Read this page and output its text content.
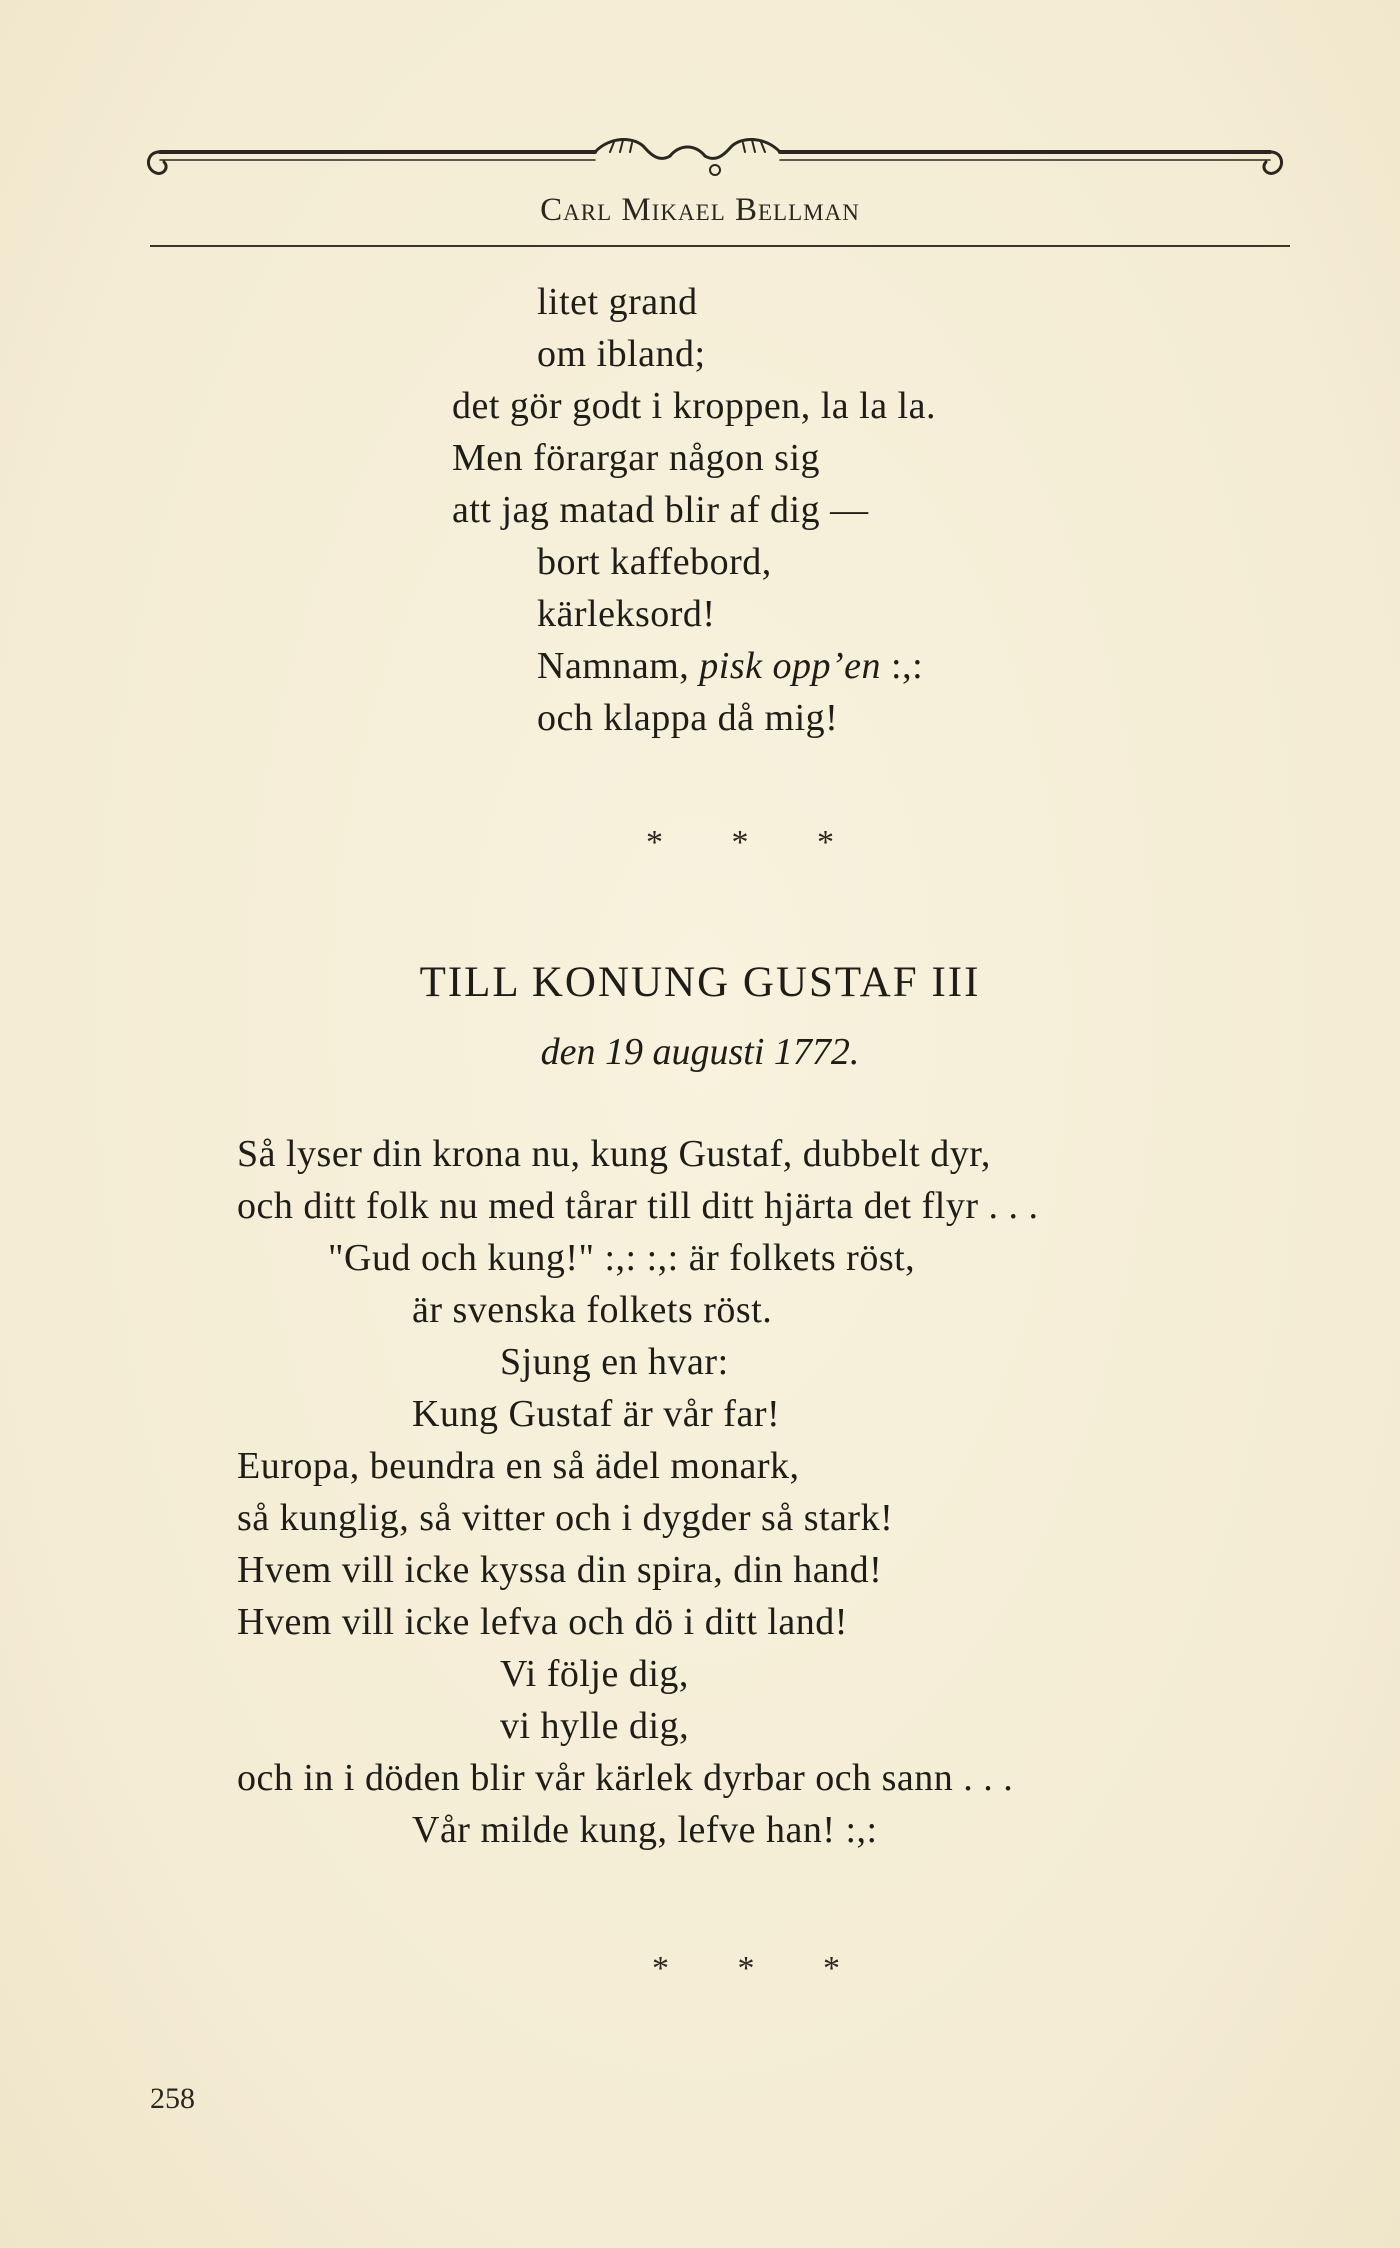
Carl Mikael Bellman
litet grand
om ibland;
det gör godt i kroppen, la la la.
Men förargar någon sig
att jag matad blir af dig —
bort kaffebord,
kärleksord!
Namnam, pisk opp’en :,:
och klappa då mig!
* * *
TILL KONUNG GUSTAF III
den 19 augusti 1772.
Så lyser din krona nu, kung Gustaf, dubbelt dyr,
och ditt folk nu med tårar till ditt hjärta det flyr . . .
"Gud och kung!" :,: :,: är folkets röst,
är svenska folkets röst.
Sjung en hvar:
Kung Gustaf är vår far!
Europa, beundra en så ädel monark,
så kunglig, så vitter och i dygder så stark!
Hvem vill icke kyssa din spira, din hand!
Hvem vill icke lefva och dö i ditt land!
Vi följe dig,
vi hylle dig,
och in i döden blir vår kärlek dyrbar och sann . . .
Vår milde kung, lefve han! :,:
* * *
258
